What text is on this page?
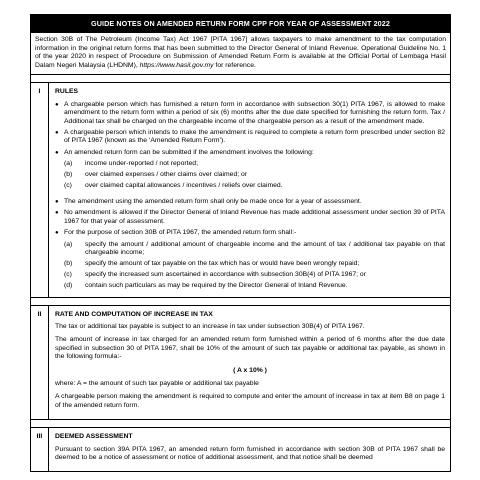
GUIDE NOTES ON AMENDED RETURN FORM CPP FOR YEAR OF ASSESSMENT 2022
Section 30B of The Petroleum (Income Tax) Act 1967 [PITA 1967] allows taxpayers to make amendment to the tax computation information in the original return forms that has been submitted to the Director General of Inland Revenue. Operational Guideline No. 1 of the year 2020 in respect of Procedure on Submission of Amended Return Form is available at the Official Portal of Lembaga Hasil Dalam Negeri Malaysia (LHDNM), https://www.hasil.gov.my for reference.
I	RULES
● A chargeable person which has furnished a return form in accordance with subsection 30(1) PITA 1967, is allowed to make amendment to the return form within a period of six (6) months after the due date specified for furnishing the return form. Tax / Additional tax shall be charged on the chargeable income of the chargeable person as a result of the amendment made.
● A chargeable person which intends to make the amendment is required to complete a return form prescribed under section 82 of PITA 1967 (known as the ‘Amended Return Form’).
● An amended return form can be submitted if the amendment involves the following:
(a)	income under-reported / not reported;
(b)	over claimed expenses / other claims over claimed; or
(c)	over claimed capital allowances / incentives / reliefs over claimed.
● The amendment using the amended return form shall only be made once for a year of assessment.
● No amendment is allowed if the Director General of Inland Revenue has made additional assessment under section 39 of PITA 1967 for that year of assessment.
● For the purpose of section 30B of PITA 1967, the amended return form shall:-
(a)	specify the amount / additional amount of chargeable income and the amount of tax / additional tax payable on that chargeable income;
(b)	specify the amount of tax payable on the tax which has or would have been wrongly repaid;
(c)	specify the increased sum ascertained in accordance with subsection 30B(4) of PITA 1967; or
(d)	contain such particulars as may be required by the Director General of Inland Revenue.
II	RATE AND COMPUTATION OF INCREASE IN TAX
The tax or additional tax payable is subject to an increase in tax under subsection 30B(4) of PITA 1967.
The amount of increase in tax charged for an amended return form furnished within a period of 6 months after the due date specified in subsection 30 of PITA 1967, shall be 10% of the amount of such tax payable or additional tax payable, as shown in the following formula:-
( A x 10% )
where: A = the amount of such tax payable or additional tax payable
A chargeable person making the amendment is required to compute and enter the amount of increase in tax at item B8 on page 1 of the amended return form.
III	DEEMED ASSESSMENT
Pursuant to section 39A PITA 1967, an amended return form furnished in accordance with section 30B of PITA 1967 shall be deemed to be a notice of assessment or notice of additional assessment, and that notice shall be deemed
